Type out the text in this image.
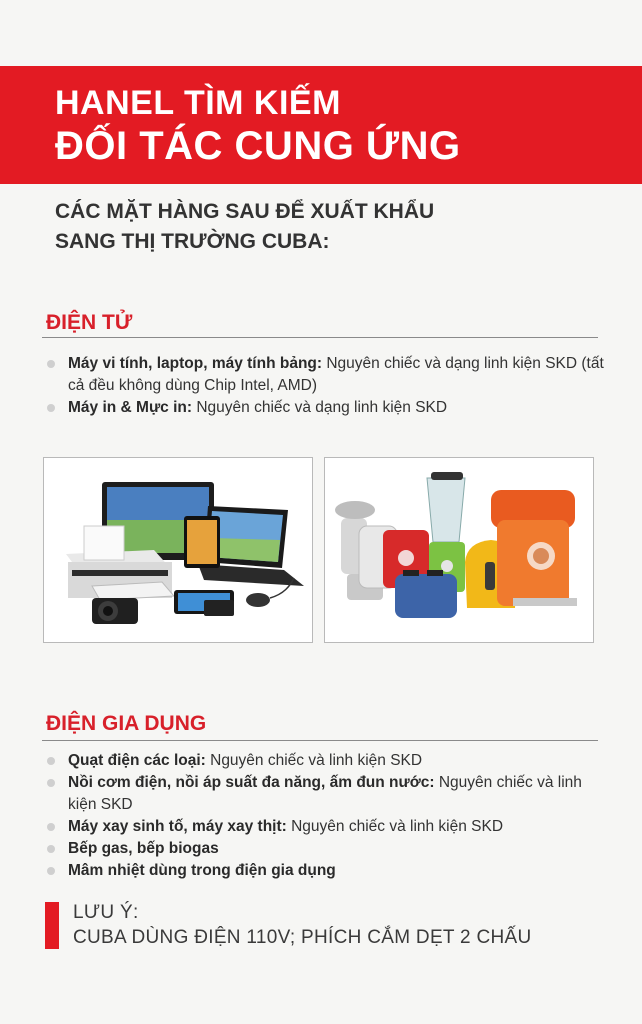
HANEL TÌM KIẾM
ĐỐI TÁC CUNG ỨNG
CÁC MẶT HÀNG SAU ĐỂ XUẤT KHẨU
SANG THỊ TRƯỜNG CUBA:
ĐIỆN TỬ
Máy vi tính, laptop, máy tính bảng: Nguyên chiếc và dạng linh kiện SKD (tất cả đều không dùng Chip Intel, AMD)
Máy in & Mực in: Nguyên chiếc và dạng linh kiện SKD
ĐIỆN GIA DỤNG
Quạt điện các loại: Nguyên chiếc và linh kiện SKD
Nồi cơm điện, nồi áp suất đa năng, ấm đun nước: Nguyên chiếc và linh kiện SKD
Máy xay sinh tố, máy xay thịt: Nguyên chiếc và linh kiện SKD
Bếp gas, bếp biogas
Mâm nhiệt dùng trong điện gia dụng
LƯU Ý:
CUBA DÙNG ĐIỆN 110V; PHÍCH CẮM DẸT 2 CHẤU
